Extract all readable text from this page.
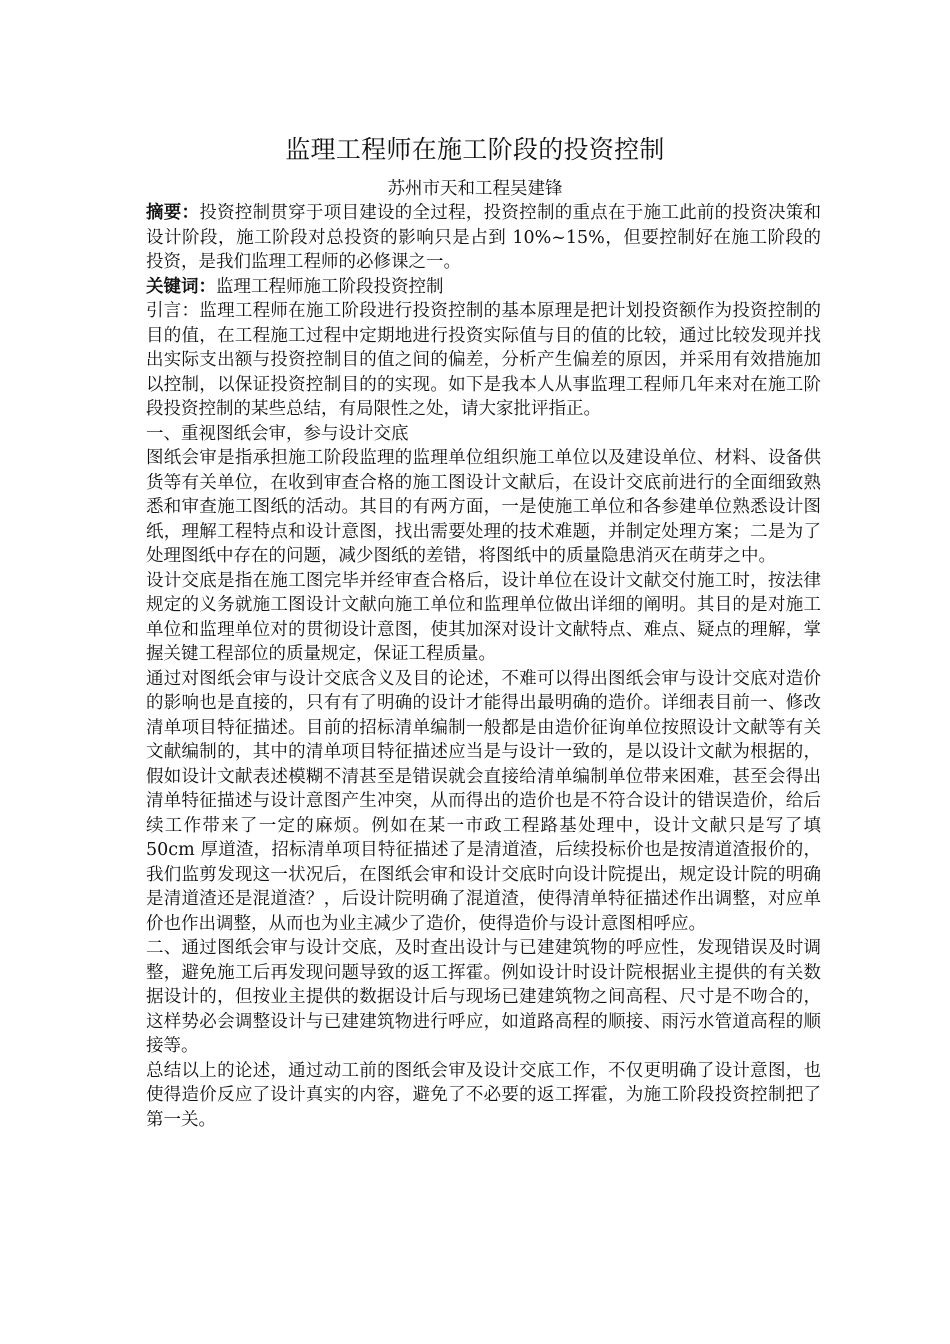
监理工程师在施工阶段的投资控制
苏州市天和工程吴建锋

摘要：投资控制贯穿于项目建设的全过程，投资控制的重点在于施工此前的投资决策和设计阶段，施工阶段对总投资的影响只是占到 10%~15%，但要控制好在施工阶段的投资，是我们监理工程师的必修课之一。

关键词：监理工程师施工阶段投资控制

引言：监理工程师在施工阶段进行投资控制的基本原理是把计划投资额作为投资控制的目的值，在工程施工过程中定期地进行投资实际值与目的值的比较，通过比较发现并找出实际支出额与投资控制目的值之间的偏差，分析产生偏差的原因，并采用有效措施加以控制，以保证投资控制目的的实现。如下是我本人从事监理工程师几年来对在施工阶段投资控制的某些总结，有局限性之处，请大家批评指正。

一、重视图纸会审，参与设计交底

图纸会审是指承担施工阶段监理的监理单位组织施工单位以及建设单位、材料、设备供货等有关单位，在收到审查合格的施工图设计文献后，在设计交底前进行的全面细致熟悉和审查施工图纸的活动。其目的有两方面，一是使施工单位和各参建单位熟悉设计图纸，理解工程特点和设计意图，找出需要处理的技术难题，并制定处理方案；二是为了处理图纸中存在的问题，减少图纸的差错，将图纸中的质量隐患消灭在萌芽之中。

设计交底是指在施工图完毕并经审查合格后，设计单位在设计文献交付施工时，按法律规定的义务就施工图设计文献向施工单位和监理单位做出详细的阐明。其目的是对施工单位和监理单位对的贯彻设计意图，使其加深对设计文献特点、难点、疑点的理解，掌握关键工程部位的质量规定，保证工程质量。

通过对图纸会审与设计交底含义及目的论述，不难可以得出图纸会审与设计交底对造价的影响也是直接的，只有有了明确的设计才能得出最明确的造价。详细表目前一、修改清单项目特征描述。目前的招标清单编制一般都是由造价征询单位按照设计文献等有关文献编制的，其中的清单项目特征描述应当是与设计一致的，是以设计文献为根据的，假如设计文献表述模糊不清甚至是错误就会直接给清单编制单位带来困难，甚至会得出清单特征描述与设计意图产生冲突，从而得出的造价也是不符合设计的错误造价，给后续工作带来了一定的麻烦。例如在某一市政工程路基处理中，设计文献只是写了填 50cm 厚道渣，招标清单项目特征描述了是清道渣，后续投标价也是按清道渣报价的，我们监剪发现这一状况后，在图纸会审和设计交底时向设计院提出，规定设计院的明确是清道渣还是混道渣？，后设计院明确了混道渣，使得清单特征描述作出调整，对应单价也作出调整，从而也为业主减少了造价，使得造价与设计意图相呼应。

二、通过图纸会审与设计交底，及时查出设计与已建建筑物的呼应性，发现错误及时调整，避免施工后再发现问题导致的返工挥霍。例如设计时设计院根据业主提供的有关数据设计的，但按业主提供的数据设计后与现场已建建筑物之间高程、尺寸是不吻合的，这样势必会调整设计与已建建筑物进行呼应，如道路高程的顺接、雨污水管道高程的顺接等。

总结以上的论述，通过动工前的图纸会审及设计交底工作，不仅更明确了设计意图，也使得造价反应了设计真实的内容，避免了不必要的返工挥霍，为施工阶段投资控制把了第一关。
